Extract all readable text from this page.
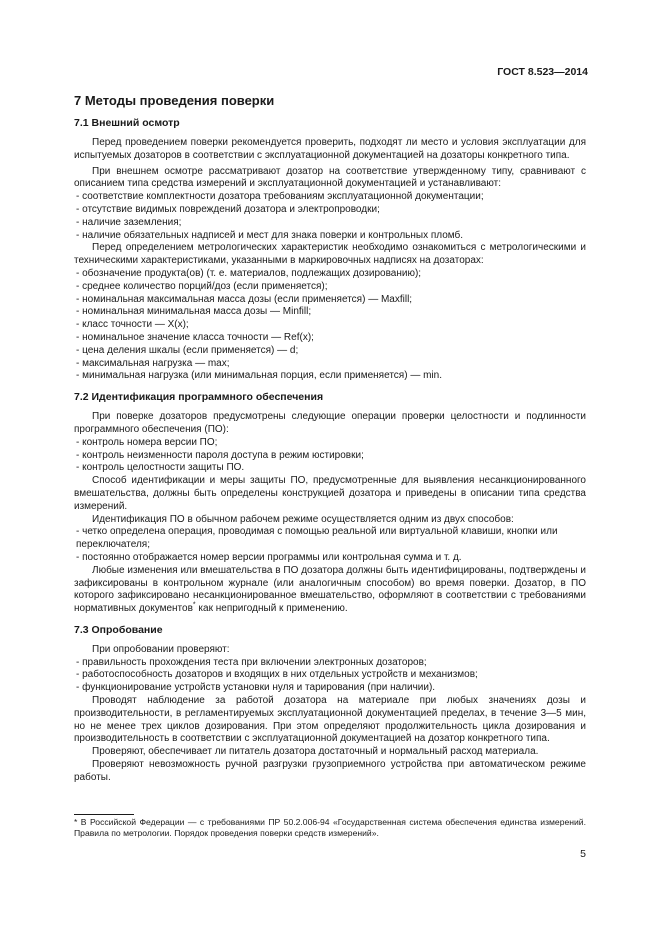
ГОСТ 8.523—2014
7 Методы проведения поверки
7.1 Внешний осмотр

Перед проведением поверки рекомендуется проверить, подходят ли место и условия эксплуатации для испытуемых дозаторов в соответствии с эксплуатационной документацией на дозаторы конкретного типа.

При внешнем осмотре рассматривают дозатор на соответствие утвержденному типу, сравнивают с описанием типа средства измерений и эксплуатационной документацией и устанавливают:

- соответствие комплектности дозатора требованиям эксплуатационной документации;

- отсутствие видимых повреждений дозатора и электропроводки;

- наличие заземления;

- наличие обязательных надписей и мест для знака поверки и контрольных пломб.

Перед определением метрологических характеристик необходимо ознакомиться с метрологическими и техническими характеристиками, указанными в маркировочных надписях на дозаторах:

- обозначение продукта(ов) (т. е. материалов, подлежащих дозированию);

- среднее количество порций/доз (если применяется);

- номинальная максимальная масса дозы (если применяется) — Maxfill;

- номинальная минимальная масса дозы — Minfill;

- класс точности — X(x);

- номинальное значение класса точности — Ref(x);

- цена деления шкалы (если применяется) — d;

- максимальная нагрузка — max;

- минимальная нагрузка (или минимальная порция, если применяется) — min.

7.2 Идентификация программного обеспечения

При поверке дозаторов предусмотрены следующие операции проверки целостности и подлинности программного обеспечения (ПО):

- контроль номера версии ПО;

- контроль неизменности пароля доступа в режим юстировки;

- контроль целостности защиты ПО.

Способ идентификации и меры защиты ПО, предусмотренные для выявления несанкционированного вмешательства, должны быть определены конструкцией дозатора и приведены в описании типа средства измерений.

Идентификация ПО в обычном рабочем режиме осуществляется одним из двух способов:

- четко определена операция, проводимая с помощью реальной или виртуальной клавиши, кнопки или переключателя;

- постоянно отображается номер версии программы или контрольная сумма и т. д.

Любые изменения или вмешательства в ПО дозатора должны быть идентифицированы, подтверждены и зафиксированы в контрольном журнале (или аналогичным способом) во время поверки. Дозатор, в ПО которого зафиксировано несанкционированное вмешательство, оформляют в соответствии с требованиями нормативных документов* как непригодный к применению.

7.3 Опробование

При опробовании проверяют:

- правильность прохождения теста при включении электронных дозаторов;

- работоспособность дозаторов и входящих в них отдельных устройств и механизмов;

- функционирование устройств установки нуля и тарирования (при наличии).

Проводят наблюдение за работой дозатора на материале при любых значениях дозы и производительности, в регламентируемых эксплуатационной документацией пределах, в течение 3—5 мин, но не менее трех циклов дозирования. При этом определяют продолжительность цикла дозирования и производительность в соответствии с эксплуатационной документацией на дозатор конкретного типа.

Проверяют, обеспечивает ли питатель дозатора достаточный и нормальный расход материала.

Проверяют невозможность ручной разгрузки грузоприемного устройства при автоматическом режиме работы.

* В Российской Федерации — с требованиями ПР 50.2.006-94 «Государственная система обеспечения единства измерений. Правила по метрологии. Порядок проведения поверки средств измерений».
5
